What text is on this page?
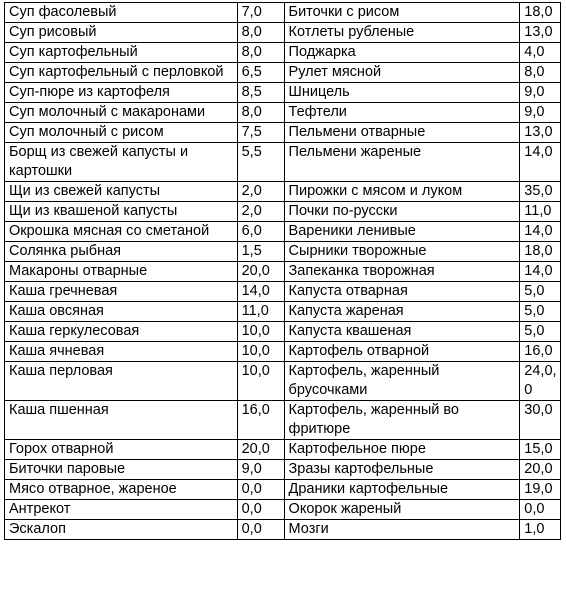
Суп фасолевый	7,0	Биточки с рисом	18,0
Суп рисовый	8,0	Котлеты рубленые	13,0
Суп картофельный	8,0	Поджарка	4,0
Суп картофельный с перловкой	6,5	Рулет мясной	8,0
Суп-пюре из картофеля	8,5	Шницель	9,0
Суп молочный с макаронами	8,0	Тефтели	9,0
Суп молочный с рисом	7,5	Пельмени отварные	13,0
Борщ из свежей капусты и картошки	5,5	Пельмени жареные	14,0
Щи из свежей капусты	2,0	Пирожки с мясом и луком	35,0
Щи из квашеной капусты	2,0	Почки по-русски	11,0
Окрошка мясная со сметаной	6,0	Вареники ленивые	14,0
Солянка рыбная	1,5	Сырники творожные	18,0
Макароны отварные	20,0	Запеканка творожная	14,0
Каша гречневая	14,0	Капуста отварная	5,0
Каша овсяная	11,0	Капуста жареная	5,0
Каша геркулесовая	10,0	Капуста квашеная	5,0
Каша ячневая	10,0	Картофель отварной	16,0
Каша перловая	10,0	Картофель, жаренный брусочками	24,0, 0
Каша пшенная	16,0	Картофель, жаренный во фритюре	30,0
Горох отварной	20,0	Картофельное пюре	15,0
Биточки паровые	9,0	Зразы картофельные	20,0
Мясо отварное, жареное	0,0	Драники картофельные	19,0
Антрекот	0,0	Окорок жареный	0,0
Эскалоп	0,0	Мозги	1,0
